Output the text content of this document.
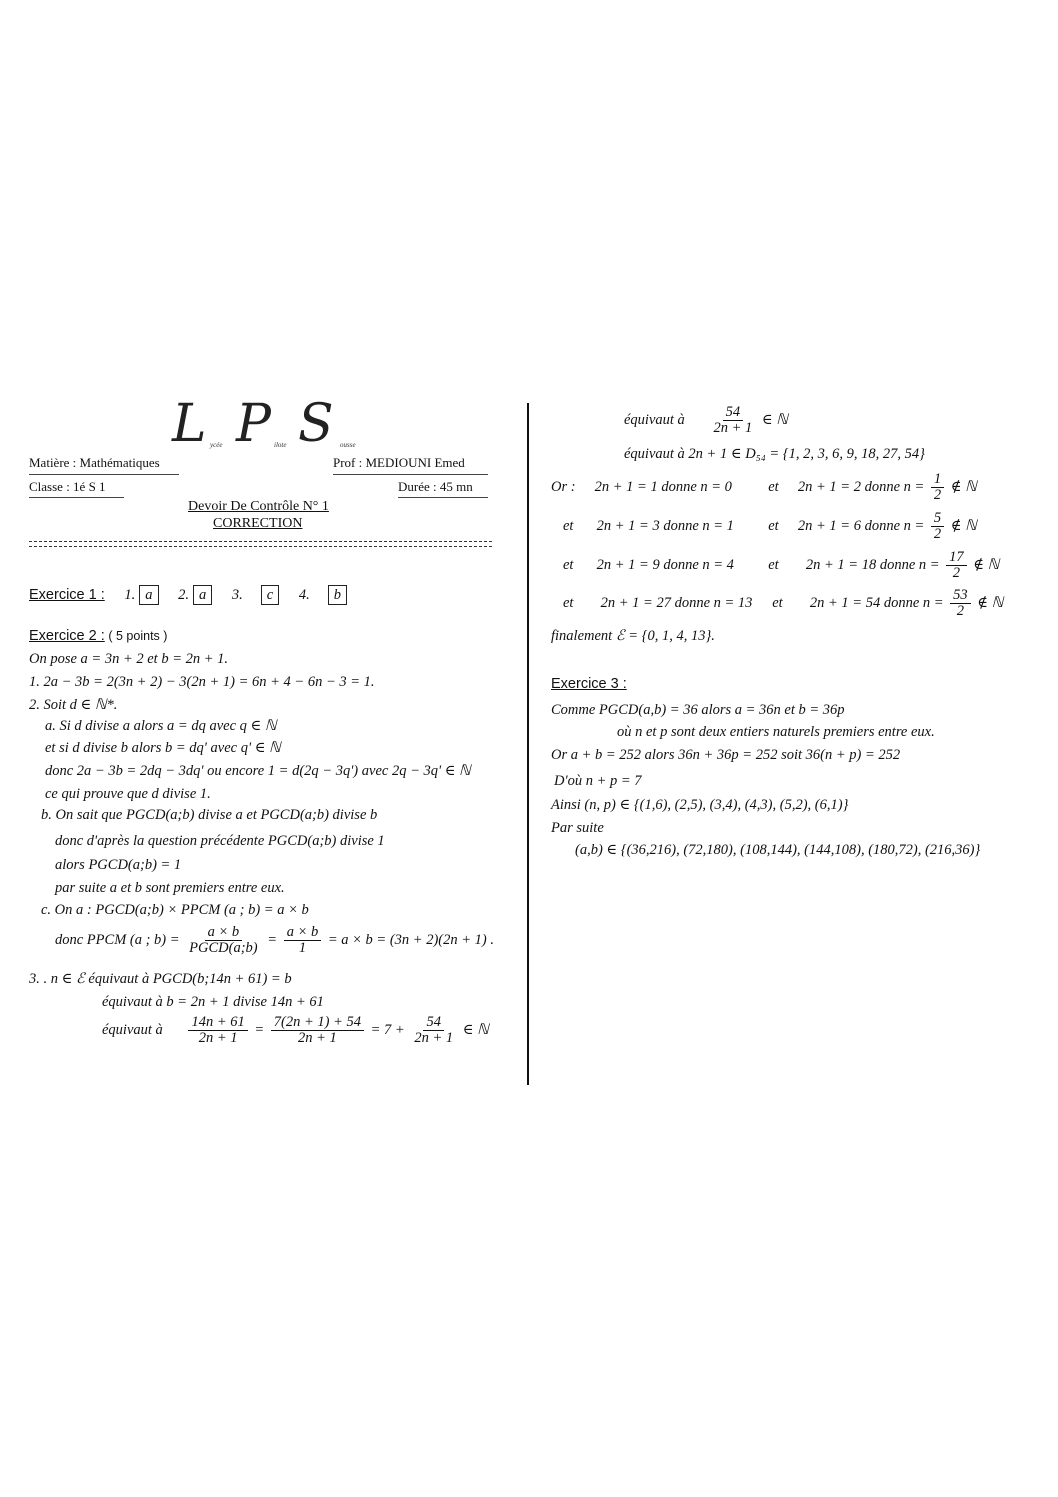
L ycée P ilote S ousse
Matière : Mathématiques	Prof : MEDIOUNI Emed
Classe : 1é S 1	Durée : 45 mn
Devoir De Contrôle N° 1
CORRECTION
Exercice 1 : 1. a 2. a 3. c 4. b
Exercice 2 : ( 5 points )
On pose a = 3n + 2 et b = 2n + 1.
1. 2a − 3b = 2(3n + 2) − 3(2n + 1) = 6n + 4 − 6n − 3 = 1.
2. Soit d ∈ ℕ*.
a. Si d divise a alors a = dq avec q ∈ ℕ
et si d divise b alors b = dq' avec q' ∈ ℕ
donc 2a − 3b = 2dq − 3dq' ou encore 1 = d(2q − 3q') avec 2q − 3q' ∈ ℕ
ce qui prouve que d divise 1.
b. On sait que PGCD(a;b) divise a et PGCD(a;b) divise b
donc d'après la question précédente PGCD(a;b) divise 1
alors PGCD(a;b) = 1
par suite a et b sont premiers entre eux.
c. On a : PGCD(a;b) × PPCM (a ; b) = a × b
donc PPCM (a ; $b) = \frac{a \times b}{\text{PGCD(a;b)}} = \frac{a \times b}{1} = a \times b = (3n + 2)(2n + 1)$ .
3. . n ∈ ℰ équivaut à PGCD(b;14n + 61) = b
équivaut à b = 2n + 1 divise 14n + 61
équivaut à $\frac{14n + 61}{2n + 1} = \frac{7(2n + 1) + 54}{2n + 1} = 7 + \frac{54}{2n + 1}$ ∈ ℕ
équivaut à $\frac{54}{2n + 1}$ ∈ ℕ
équivaut à 2n + 1 ∈ D₅₄ = {1, 2, 3, 6, 9, 18, 27, 54}
Or : 2n + 1 = 1 donne n = 0	et 2n + 1 = 2 donne $n = \frac{1}{2}$ ∉ ℕ
et 2n + 1 = 3 donne n = 1 et 2n + 1 = 6 donne $n = \frac{5}{2}$ ∉ ℕ
et 2n + 1 = 9 donne n = 4 et 2n + 1 = 18 donne $n = \frac{17}{2}$ ∉ ℕ
et 2n + 1 = 27 donne n = 13 et 2n + 1 = 54 donne $n = \frac{53}{2}$ ∉ ℕ
finalement ℰ = {0, 1, 4, 13}.
Exercice 3 :
Comme PGCD(a,b) = 36 alors a = 36n et b = 36p
où n et p sont deux entiers naturels premiers entre eux.
Or a + b = 252 alors 36n + 36p = 252 soit 36(n + p) = 252
D'où n + p = 7
Ainsi (n, p) ∈ {(1,6), (2,5), (3,4), (4,3), (5,2), (6,1)}
Par suite
(a,b) ∈ {(36,216), (72,180), (108,144), (144,108), (180,72), (216,36)}
